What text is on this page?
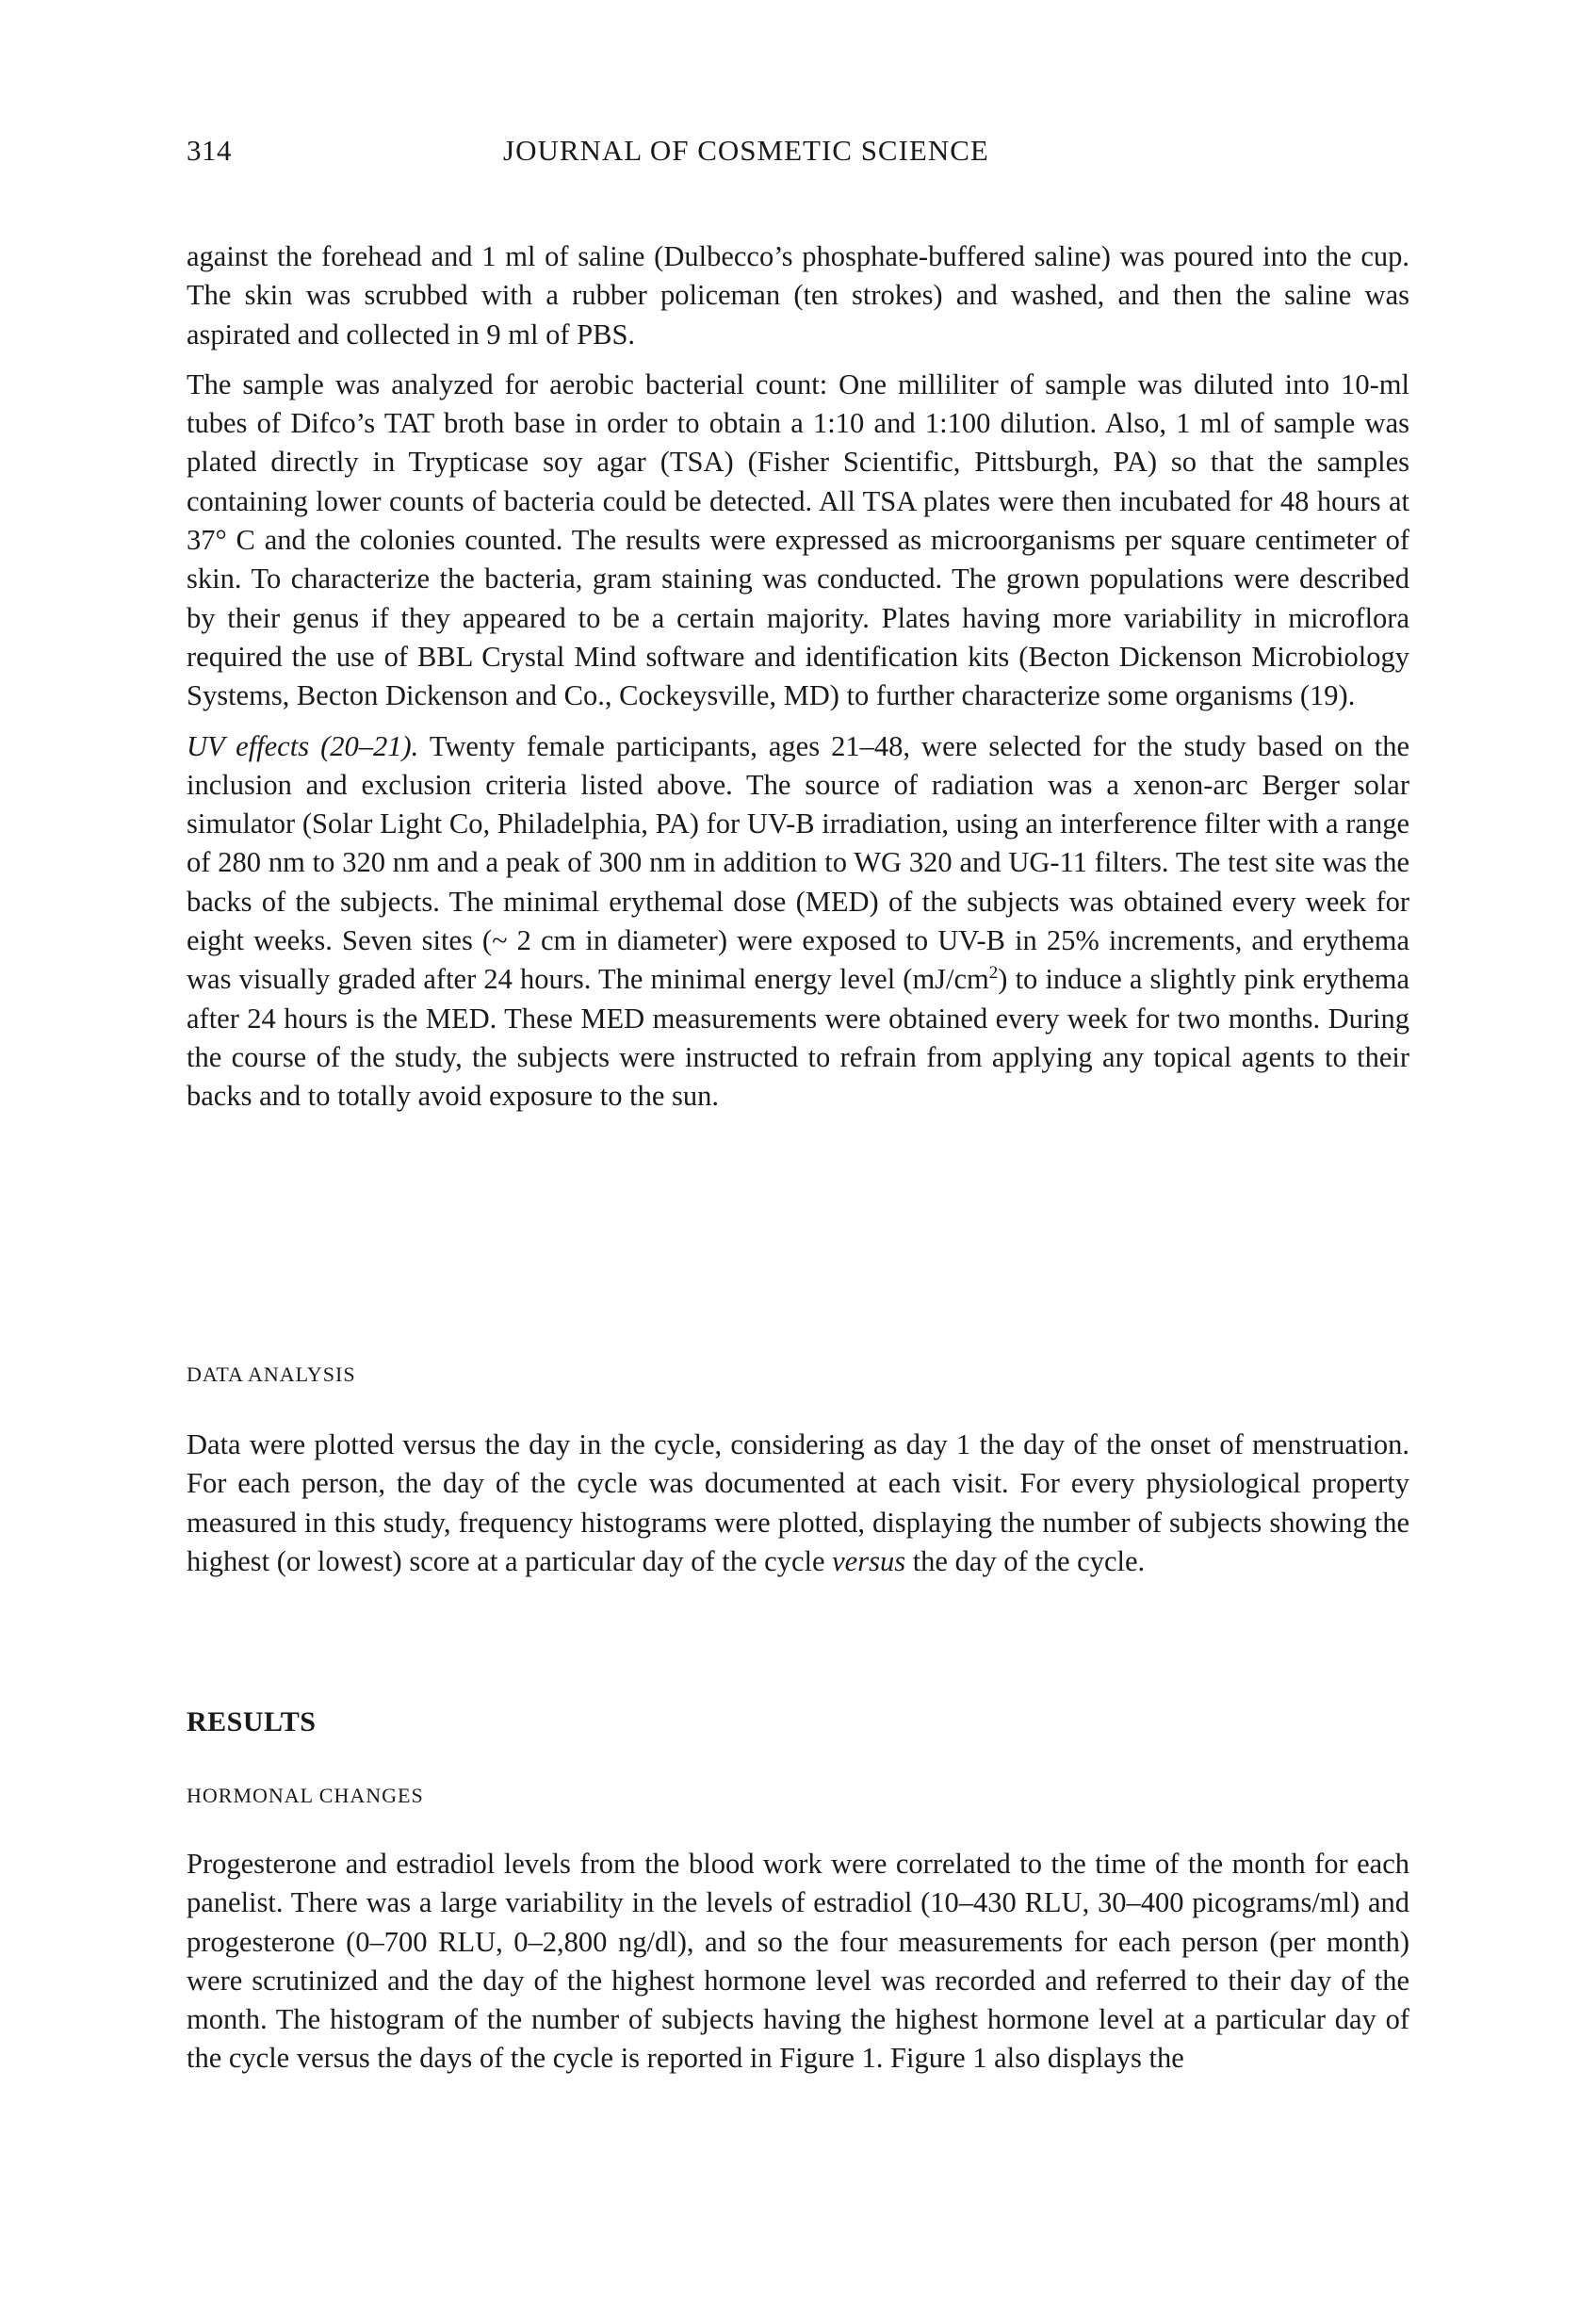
314	JOURNAL OF COSMETIC SCIENCE

against the forehead and 1 ml of saline (Dulbecco’s phosphate-buffered saline) was poured into the cup. The skin was scrubbed with a rubber policeman (ten strokes) and washed, and then the saline was aspirated and collected in 9 ml of PBS.

The sample was analyzed for aerobic bacterial count: One milliliter of sample was diluted into 10-ml tubes of Difco’s TAT broth base in order to obtain a 1:10 and 1:100 dilution. Also, 1 ml of sample was plated directly in Trypticase soy agar (TSA) (Fisher Scientific, Pittsburgh, PA) so that the samples containing lower counts of bacteria could be detected. All TSA plates were then incubated for 48 hours at 37° C and the colonies counted. The results were expressed as microorganisms per square centimeter of skin. To characterize the bacteria, gram staining was conducted. The grown populations were described by their genus if they appeared to be a certain majority. Plates having more variability in microflora required the use of BBL Crystal Mind software and identification kits (Becton Dickenson Microbiology Systems, Becton Dickenson and Co., Cockeysville, MD) to further characterize some organisms (19).

UV effects (20–21). Twenty female participants, ages 21–48, were selected for the study based on the inclusion and exclusion criteria listed above. The source of radiation was a xenon-arc Berger solar simulator (Solar Light Co, Philadelphia, PA) for UV-B irradiation, using an interference filter with a range of 280 nm to 320 nm and a peak of 300 nm in addition to WG 320 and UG-11 filters. The test site was the backs of the subjects. The minimal erythemal dose (MED) of the subjects was obtained every week for eight weeks. Seven sites (~ 2 cm in diameter) were exposed to UV-B in 25% increments, and erythema was visually graded after 24 hours. The minimal energy level $(mJ/cm^2)$ to induce a slightly pink erythema after 24 hours is the MED. These MED measurements were obtained every week for two months. During the course of the study, the subjects were instructed to refrain from applying any topical agents to their backs and to totally avoid exposure to the sun.

DATA ANALYSIS

Data were plotted versus the day in the cycle, considering as day 1 the day of the onset of menstruation. For each person, the day of the cycle was documented at each visit. For every physiological property measured in this study, frequency histograms were plotted, displaying the number of subjects showing the highest (or lowest) score at a particular day of the cycle versus the day of the cycle.

RESULTS
HORMONAL CHANGES

Progesterone and estradiol levels from the blood work were correlated to the time of the month for each panelist. There was a large variability in the levels of estradiol (10–430 RLU, 30–400 picograms/ml) and progesterone (0–700 RLU, 0–2,800 ng/dl), and so the four measurements for each person (per month) were scrutinized and the day of the highest hormone level was recorded and referred to their day of the month. The histogram of the number of subjects having the highest hormone level at a particular day of the cycle versus the days of the cycle is reported in Figure 1. Figure 1 also displays the
